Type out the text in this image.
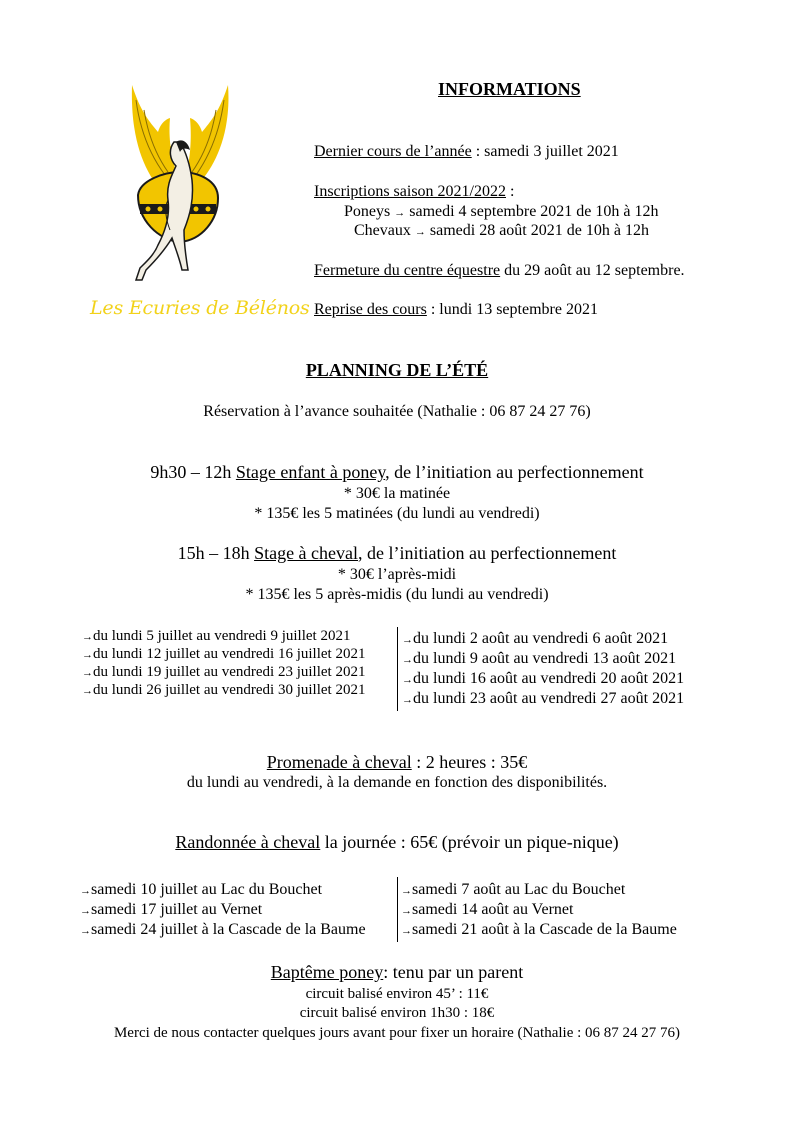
Les Ecuries de Bélénos
INFORMATIONS
Dernier cours de l’année : samedi 3 juillet 2021
Inscriptions saison 2021/2022 :
Poneys → samedi 4 septembre 2021 de 10h à 12h
Chevaux → samedi 28 août 2021 de 10h à 12h
Fermeture du centre équestre du 29 août au 12 septembre.
Reprise des cours : lundi 13 septembre 2021
PLANNING DE L’ÉTÉ
Réservation à l’avance souhaitée (Nathalie : 06 87 24 27 76)
9h30 – 12h Stage enfant à poney, de l’initiation au perfectionnement
* 30€ la matinée
* 135€ les 5 matinées (du lundi au vendredi)
15h – 18h Stage à cheval, de l’initiation au perfectionnement
* 30€ l’après-midi
* 135€ les 5 après-midis (du lundi au vendredi)
→du lundi 5 juillet au vendredi 9 juillet 2021
→du lundi 12 juillet au vendredi 16 juillet 2021
→du lundi 19 juillet au vendredi 23 juillet 2021
→du lundi 26 juillet au vendredi 30 juillet 2021
→du lundi 2 août au vendredi 6 août 2021
→du lundi 9 août au vendredi 13 août 2021
→du lundi 16 août au vendredi 20 août 2021
→du lundi 23 août au vendredi 27 août 2021
Promenade à cheval : 2 heures : 35€
du lundi au vendredi, à la demande en fonction des disponibilités.
Randonnée à cheval la journée : 65€ (prévoir un pique-nique)
→samedi 10 juillet au Lac du Bouchet
→samedi 17 juillet au Vernet
→samedi 24 juillet à la Cascade de la Baume
→samedi 7 août au Lac du Bouchet
→samedi 14 août au Vernet
→samedi 21 août à la Cascade de la Baume
Baptême poney: tenu par un parent
circuit balisé environ 45’ : 11€
circuit balisé environ 1h30 : 18€
Merci de nous contacter quelques jours avant pour fixer un horaire (Nathalie : 06 87 24 27 76)
